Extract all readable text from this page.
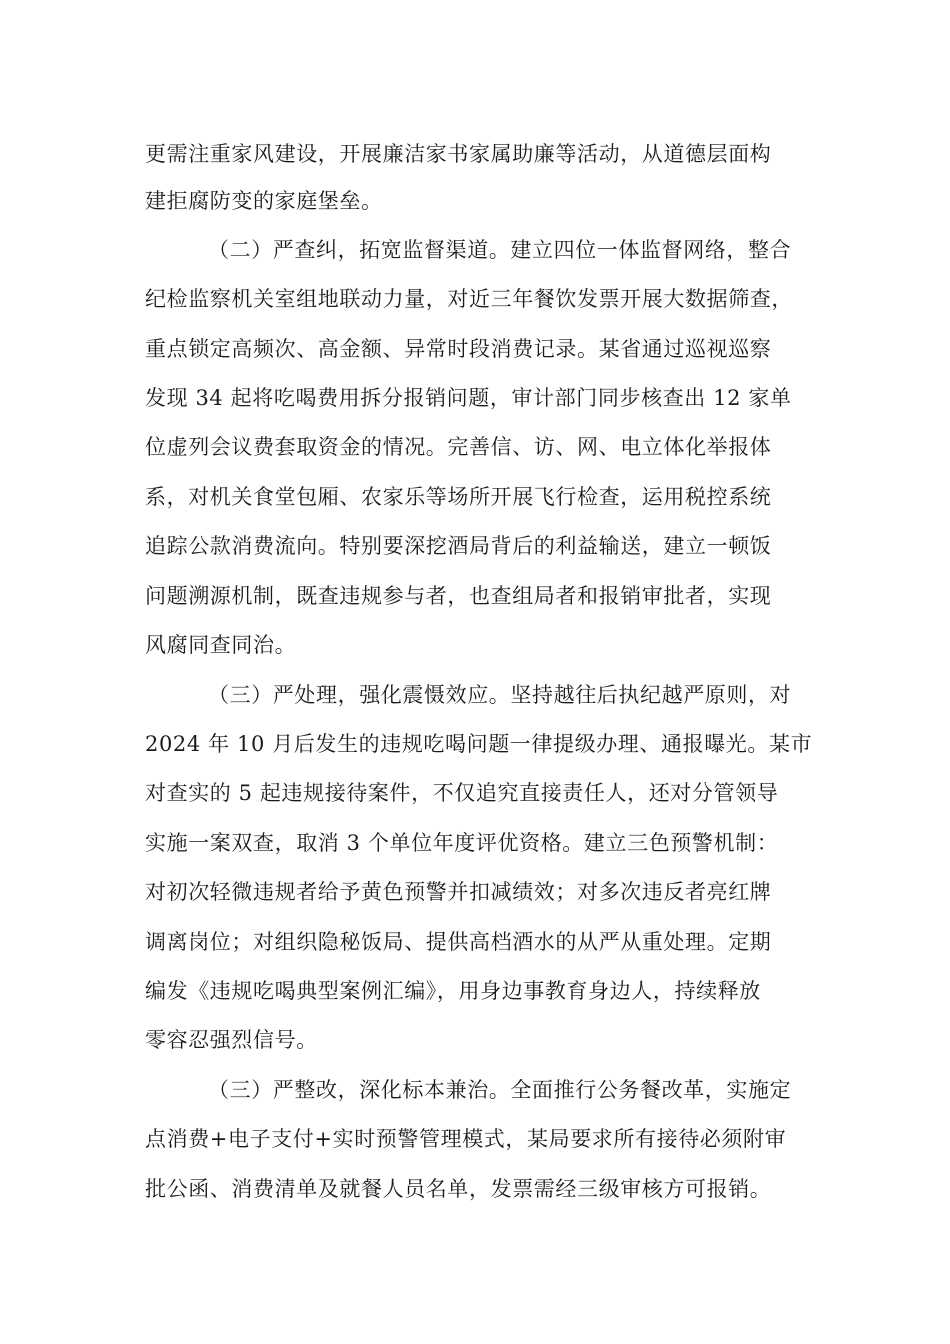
更需注重家风建设，开展廉洁家书家属助廉等活动，从道德层面构

建拒腐防变的家庭堡垒。

（二）严查纠，拓宽监督渠道。建立四位一体监督网络，整合

纪检监察机关室组地联动力量，对近三年餐饮发票开展大数据筛查，

重点锁定高频次、高金额、异常时段消费记录。某省通过巡视巡察

发现 34 起将吃喝费用拆分报销问题，审计部门同步核查出 12 家单

位虚列会议费套取资金的情况。完善信、访、网、电立体化举报体

系，对机关食堂包厢、农家乐等场所开展飞行检查，运用税控系统

追踪公款消费流向。特别要深挖酒局背后的利益输送，建立一顿饭

问题溯源机制，既查违规参与者，也查组局者和报销审批者，实现

风腐同查同治。

（三）严处理，强化震慑效应。坚持越往后执纪越严原则，对

2024 年 10 月后发生的违规吃喝问题一律提级办理、通报曝光。某市

对查实的 5 起违规接待案件，不仅追究直接责任人，还对分管领导

实施一案双查，取消 3 个单位年度评优资格。建立三色预警机制：

对初次轻微违规者给予黄色预警并扣减绩效；对多次违反者亮红牌

调离岗位；对组织隐秘饭局、提供高档酒水的从严从重处理。定期

编发《违规吃喝典型案例汇编》，用身边事教育身边人，持续释放

零容忍强烈信号。

（三）严整改，深化标本兼治。全面推行公务餐改革，实施定

点消费+电子支付+实时预警管理模式，某局要求所有接待必须附审

批公函、消费清单及就餐人员名单，发票需经三级审核方可报销。
